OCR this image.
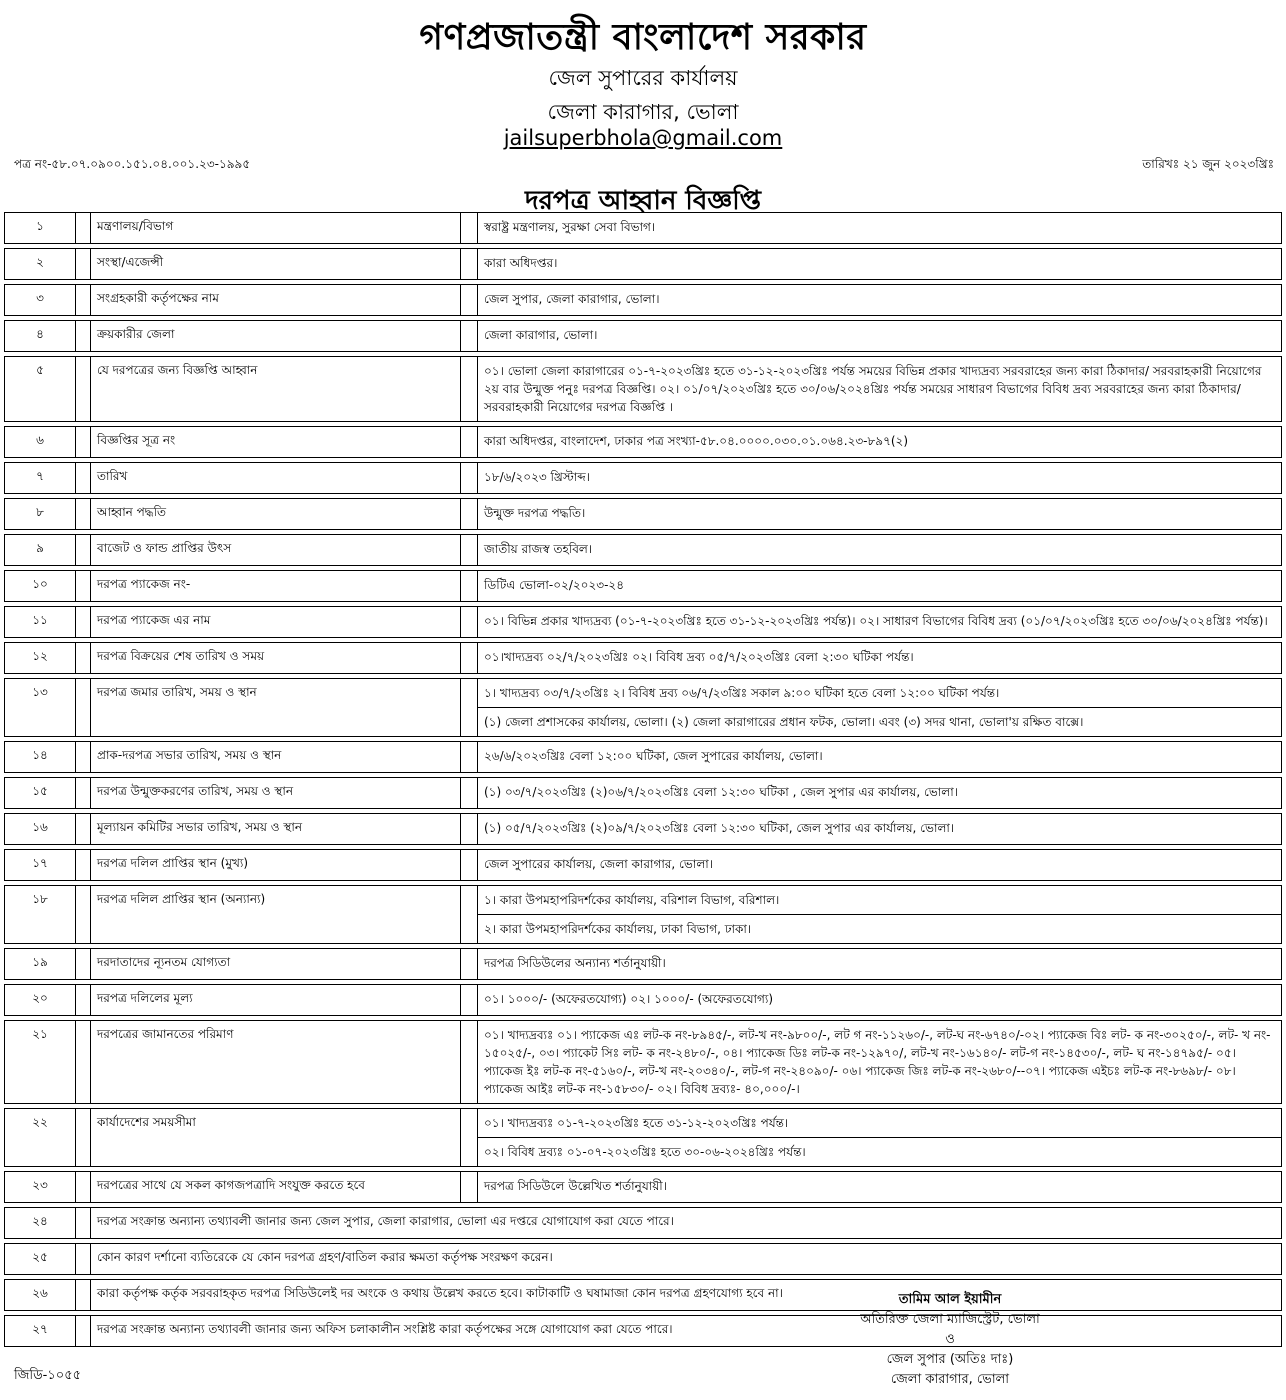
গণপ্রজাতন্ত্রী বাংলাদেশ সরকার
জেল সুপারের কার্যালয়
জেলা কারাগার, ভোলা
jailsuperbhola@gmail.com
পত্র নং-৫৮.০৭.০৯০০.১৫১.০৪.০০১.২৩-১৯৯৫	তারিখঃ ২১ জুন ২০২৩খ্রিঃ
দরপত্র আহ্বান বিজ্ঞপ্তি
১	মন্ত্রণালয়/বিভাগ	স্বরাষ্ট্র মন্ত্রণালয়, সুরক্ষা সেবা বিভাগ।
২	সংস্থা/এজেন্সী	কারা অধিদপ্তর।
৩	সংগ্রহকারী কর্তৃপক্ষের নাম	জেল সুপার, জেলা কারাগার, ভোলা।
৪	ক্রয়কারীর জেলা	জেলা কারাগার, ভোলা।
৫	যে দরপত্রের জন্য বিজ্ঞপ্তি আহ্বান	০১। ভোলা জেলা কারাগারের ০১-৭-২০২৩খ্রিঃ হতে ৩১-১২-২০২৩খ্রিঃ পর্যন্ত সময়ের বিভিন্ন প্রকার খাদ্যদ্রব্য সরবরাহের জন্য কারা ঠিকাদার/ সরবরাহকারী নিয়োগের ২য় বার উন্মুক্ত পনুঃ দরপত্র বিজ্ঞপ্তি। ০২। ০১/০৭/২০২৩খ্রিঃ হতে ৩০/০৬/২০২৪খ্রিঃ পর্যন্ত সময়ের সাধারণ বিভাগের বিবিধ দ্রব্য সরবরাহের জন্য কারা ঠিকাদার/ সরবরাহকারী নিয়োগের দরপত্র বিজ্ঞপ্তি ।
৬	বিজ্ঞপ্তির সূত্র নং	কারা অধিদপ্তর, বাংলাদেশ, ঢাকার পত্র সংখ্যা-৫৮.০৪.০০০০.০৩০.০১.০৬৪.২৩-৮৯৭(২)
৭	তারিখ	১৮/৬/২০২৩ খ্রিস্টাব্দ।
৮	আহ্বান পদ্ধতি	উন্মুক্ত দরপত্র পদ্ধতি।
৯	বাজেট ও ফান্ড প্রাপ্তির উৎস	জাতীয় রাজস্ব তহবিল।
১০	দরপত্র প্যাকেজ নং-	ডিটিএ ভোলা-০২/২০২৩-২৪
১১	দরপত্র প্যাকেজ এর নাম	০১। বিভিন্ন প্রকার খাদ্যদ্রব্য (০১-৭-২০২৩খ্রিঃ হতে ৩১-১২-২০২৩খ্রিঃ পর্যন্ত)। ০২। সাধারণ বিভাগের বিবিধ দ্রব্য (০১/০৭/২০২৩খ্রিঃ হতে ৩০/০৬/২০২৪খ্রিঃ পর্যন্ত)।
১২	দরপত্র বিক্রয়ের শেষ তারিখ ও সময়	০১।খাদ্যদ্রব্য ০২/৭/২০২৩খ্রিঃ ০২। বিবিধ দ্রব্য ০৫/৭/২০২৩খ্রিঃ বেলা ২:৩০ ঘটিকা পর্যন্ত।
১৩	দরপত্র জমার তারিখ, সময় ও স্থান	১। খাদ্যদ্রব্য ০৩/৭/২৩খ্রিঃ ২। বিবিধ দ্রব্য ০৬/৭/২৩খ্রিঃ সকাল ৯:০০ ঘটিকা হতে বেলা ১২:০০ ঘটিকা পর্যন্ত।
(১) জেলা প্রশাসকের কার্যালয়, ভোলা। (২) জেলা কারাগারের প্রধান ফটক, ভোলা। এবং (৩) সদর থানা, ভোলা'য় রক্ষিত বাক্সে।
১৪	প্রাক-দরপত্র সভার তারিখ, সময় ও স্থান	২৬/৬/২০২৩খ্রিঃ বেলা ১২:০০ ঘটিকা, জেল সুপারের কার্যালয়, ভোলা।
১৫	দরপত্র উন্মুক্তকরণের তারিখ, সময় ও স্থান	(১) ০৩/৭/২০২৩খ্রিঃ (২)০৬/৭/২০২৩খ্রিঃ বেলা ১২:৩০ ঘটিকা , জেল সুপার এর কার্যালয়, ভোলা।
১৬	মূল্যায়ন কমিটির সভার তারিখ, সময় ও স্থান	(১) ০৫/৭/২০২৩খ্রিঃ (২)০৯/৭/২০২৩খ্রিঃ বেলা ১২:৩০ ঘটিকা, জেল সুপার এর কার্যালয়, ভোলা।
১৭	দরপত্র দলিল প্রাপ্তির স্থান (মুখ্য)	জেল সুপারের কার্যালয়, জেলা কারাগার, ভোলা।
১৮	দরপত্র দলিল প্রাপ্তির স্থান (অন্যান্য)	১। কারা উপমহাপরিদর্শকের কার্যালয়, বরিশাল বিভাগ, বরিশাল।
২। কারা উপমহাপরিদর্শকের কার্যালয়, ঢাকা বিভাগ, ঢাকা।
১৯	দরদাতাদের ন্যূনতম যোগ্যতা	দরপত্র সিডিউলের অন্যান্য শর্তানুযায়ী।
২০	দরপত্র দলিলের মূল্য	০১। ১০০০/- (অফেরতযোগ্য) ০২। ১০০০/- (অফেরতযোগ্য)
২১	দরপত্রের জামানতের পরিমাণ	০১। খাদ্যদ্রব্যঃ ০১। প্যাকেজ এঃ লট-ক নং-৮৯৪৫/-, লট-খ নং-৯৮০০/-, লট গ নং-১১২৬০/-, লট-ঘ নং-৬৭৪০/-০২। প্যাকেজ বিঃ লট- ক নং-৩০২৫০/-, লট- খ নং- ১৫০২৫/-, ০৩। প্যাকেট সিঃ লট- ক নং-২৪৮০/-, ০৪। প্যাকেজ ডিঃ লট-ক নং-১২৯৭০/, লট-খ নং-১৬১৪০/- লট-গ নং-১৪৫৩০/-, লট- ঘ নং-১৪৭৯৫/- ০৫। প্যাকেজ ইঃ লট-ক নং-৫১৬০/-, লট-খ নং-২০৩৪০/-, লট-গ নং-২৪০৯০/- ০৬। প্যাকেজ জিঃ লট-ক নং-২৬৮০/--০৭। প্যাকেজ এইচঃ লট-ক নং-৮৬৯৮/- ০৮। প্যাকেজ আইঃ লট-ক নং-১৫৮৩০/- ০২। বিবিধ দ্রব্যঃ- ৪০,০০০/-।
২২	কার্যাদেশের সময়সীমা	০১। খাদ্যদ্রব্যঃ ০১-৭-২০২৩খ্রিঃ হতে ৩১-১২-২০২৩খ্রিঃ পর্যন্ত।
০২। বিবিধ দ্রব্যঃ ০১-০৭-২০২৩খ্রিঃ হতে ৩০-০৬-২০২৪খ্রিঃ পর্যন্ত।
২৩	দরপত্রের সাথে যে সকল কাগজপত্রাদি সংযুক্ত করতে হবে	দরপত্র সিডিউলে উল্লেখিত শর্তানুযায়ী।
২৪	দরপত্র সংক্রান্ত অন্যান্য তথ্যাবলী জানার জন্য জেল সুপার, জেলা কারাগার, ভোলা এর দপ্তরে যোগাযোগ করা যেতে পারে।
২৫	কোন কারণ দর্শানো ব্যতিরেকে যে কোন দরপত্র গ্রহণ/বাতিল করার ক্ষমতা কর্তৃপক্ষ সংরক্ষণ করেন।
২৬	কারা কর্তৃপক্ষ কর্তৃক সরবরাহকৃত দরপত্র সিডিউলেই দর অংকে ও কথায় উল্লেখ করতে হবে। কাটাকাটি ও ঘষামাজা কোন দরপত্র গ্রহণযোগ্য হবে না।
২৭	দরপত্র সংক্রান্ত অন্যান্য তথ্যাবলী জানার জন্য অফিস চলাকালীন সংশ্লিষ্ট কারা কর্তৃপক্ষের সঙ্গে যোগাযোগ করা যেতে পারে।
তামিম আল ইয়ামীন
অতিরিক্ত জেলা ম্যাজিস্ট্রেট, ভোলা
ও
জেল সুপার (অতিঃ দাঃ)
জেলা কারাগার, ভোলা
জিডি-১০৫৫
